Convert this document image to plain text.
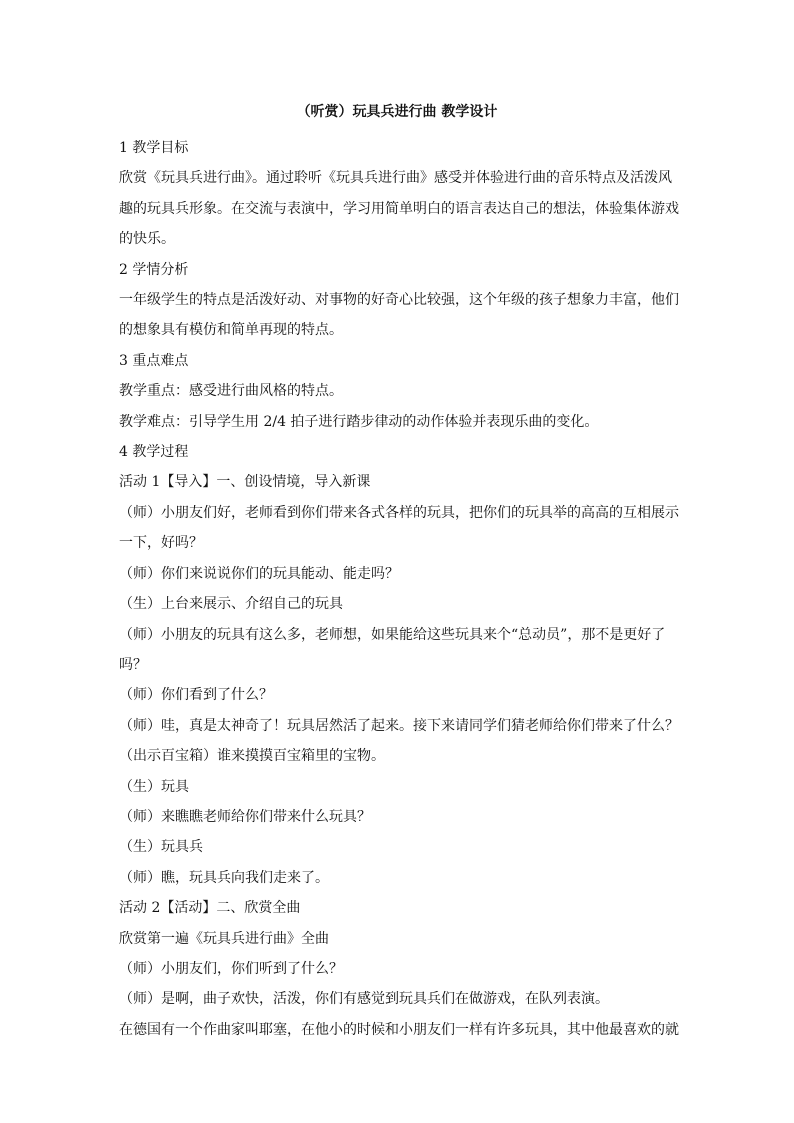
（听赏）玩具兵进行曲 教学设计

1 教学目标

欣赏《玩具兵进行曲》。通过聆听《玩具兵进行曲》感受并体验进行曲的音乐特点及活泼风趣的玩具兵形象。在交流与表演中，学习用简单明白的语言表达自己的想法，体验集体游戏的快乐。

2 学情分析

一年级学生的特点是活泼好动、对事物的好奇心比较强，这个年级的孩子想象力丰富，他们的想象具有模仿和简单再现的特点。

3 重点难点

教学重点：感受进行曲风格的特点。

教学难点：引导学生用 2/4 拍子进行踏步律动的动作体验并表现乐曲的变化。

4 教学过程

活动 1【导入】一、创设情境，导入新课

（师）小朋友们好，老师看到你们带来各式各样的玩具，把你们的玩具举的高高的互相展示一下，好吗？

（师）你们来说说你们的玩具能动、能走吗？

（生）上台来展示、介绍自己的玩具

（师）小朋友的玩具有这么多，老师想，如果能给这些玩具来个“总动员”，那不是更好了吗？

（师）你们看到了什么？

（师）哇，真是太神奇了！玩具居然活了起来。接下来请同学们猜老师给你们带来了什么？

（出示百宝箱）谁来摸摸百宝箱里的宝物。

（生）玩具

（师）来瞧瞧老师给你们带来什么玩具？

（生）玩具兵

（师）瞧，玩具兵向我们走来了。

活动 2【活动】二、欣赏全曲

欣赏第一遍《玩具兵进行曲》全曲

（师）小朋友们，你们听到了什么？

（师）是啊，曲子欢快，活泼，你们有感觉到玩具兵们在做游戏，在队列表演。

在德国有一个作曲家叫耶塞，在他小的时候和小朋友们一样有许多玩具，其中他最喜欢的就
